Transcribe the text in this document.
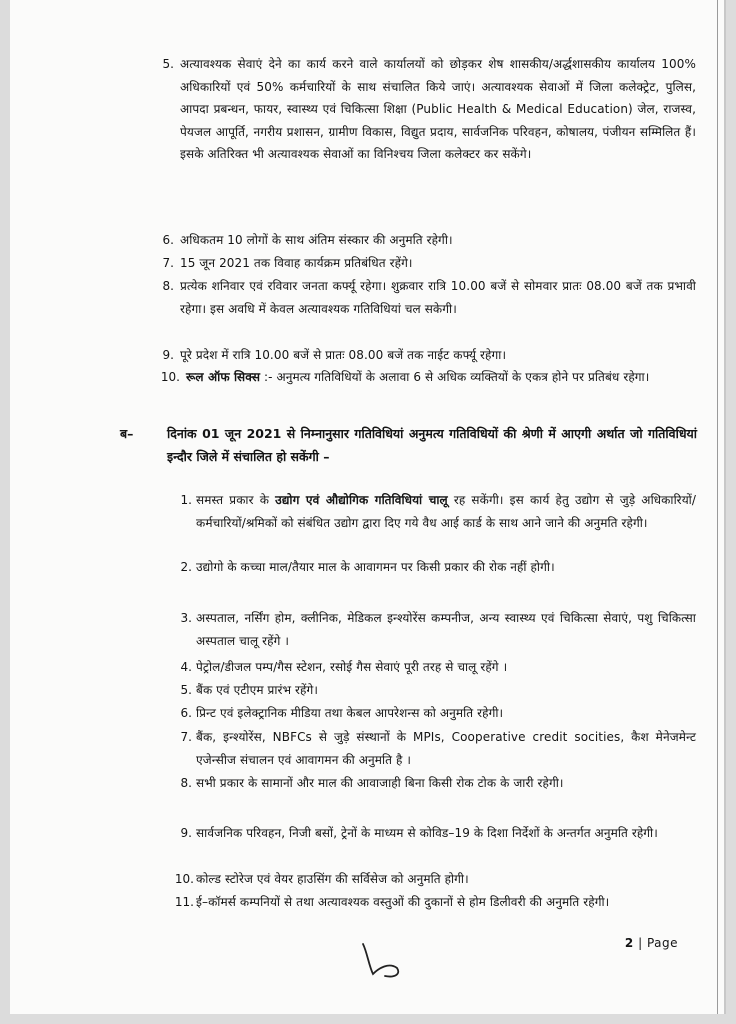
5. अत्यावश्यक सेवाएं देने का कार्य करने वाले कार्यालयों को छोड़कर शेष शासकीय/अर्द्धशासकीय कार्यालय 100% अधिकारियों एवं 50% कर्मचारियों के साथ संचालित किये जाएं। अत्यावश्यक सेवाओं में जिला कलेक्ट्रेट, पुलिस, आपदा प्रबन्धन, फायर, स्वास्थ्य एवं चिकित्सा शिक्षा (Public Health & Medical Education) जेल, राजस्व, पेयजल आपूर्ति, नगरीय प्रशासन, ग्रामीण विकास, विद्युत प्रदाय, सार्वजनिक परिवहन, कोषालय, पंजीयन सम्मिलित हैं। इसके अतिरिक्त भी अत्यावश्यक सेवाओं का विनिश्चय जिला कलेक्टर कर सकेंगे।
6. अधिकतम 10 लोगों के साथ अंतिम संस्कार की अनुमति रहेगी।
7. 15 जून 2021 तक विवाह कार्यक्रम प्रतिबंधित रहेंगे।
8. प्रत्येक शनिवार एवं रविवार जनता कर्फ्यू रहेगा। शुक्रवार रात्रि 10.00 बजें से सोमवार प्रातः 08.00 बजें तक प्रभावी रहेगा। इस अवधि में केवल अत्यावश्यक गतिविधियां चल सकेगी।
9. पूरे प्रदेश में रात्रि 10.00 बजें से प्रातः 08.00 बजें तक नाईट कर्फ्यू रहेगा।
10. रूल ऑफ सिक्स :- अनुमत्य गतिविधियों के अलावा 6 से अधिक व्यक्तियों के एकत्र होने पर प्रतिबंध रहेगा।
ब–	दिनांक 01 जून 2021 से निम्नानुसार गतिविधियां अनुमत्य गतिविधियों की श्रेणी में आएगी अर्थात जो गतिविधियां इन्दौर जिले में संचालित हो सकेंगी –
1. समस्त प्रकार के उद्योग एवं औद्योगिक गतिविधियां चालू रह सकेंगी। इस कार्य हेतु उद्योग से जुड़े अधिकारियों/कर्मचारियों/श्रमिकों को संबंधित उद्योग द्वारा दिए गये वैध आई कार्ड के साथ आने जाने की अनुमति रहेगी।
2. उद्योगो के कच्चा माल/तैयार माल के आवागमन पर किसी प्रकार की रोक नहीं होगी।
3. अस्पताल, नर्सिंग होम, क्लीनिक, मेडिकल इन्श्योरेंस कम्पनीज, अन्य स्वास्थ्य एवं चिकित्सा सेवाएं, पशु चिकित्सा अस्पताल चालू रहेंगे ।
4. पेट्रोल/डीजल पम्प/गैस स्टेशन, रसोई गैस सेवाएं पूरी तरह से चालू रहेंगे ।
5. बैंक एवं एटीएम प्रारंभ रहेंगे।
6. प्रिन्ट एवं इलेक्ट्रानिक मीडिया तथा केबल आपरेशन्स को अनुमति रहेगी।
7. बैंक, इन्श्योरेंस, NBFCs से जुड़े संस्थानों के MPIs, Cooperative credit socities, कैश मेनेजमेन्ट एजेन्सीज संचालन एवं आवागमन की अनुमति है ।
8. सभी प्रकार के सामानों और माल की आवाजाही बिना किसी रोक टोक के जारी रहेगी।
9. सार्वजनिक परिवहन, निजी बसों, ट्रेनों के माध्यम से कोविड–19 के दिशा निर्देशों के अन्तर्गत अनुमति रहेगी।
10. कोल्ड स्टोरेज एवं वेयर हाउसिंग की सर्विसेज को अनुमति होगी।
11. ई–कॉमर्स कम्पनियों से तथा अत्यावश्यक वस्तुओं की दुकानों से होम डिलीवरी की अनुमति रहेगी।
2 | Page
